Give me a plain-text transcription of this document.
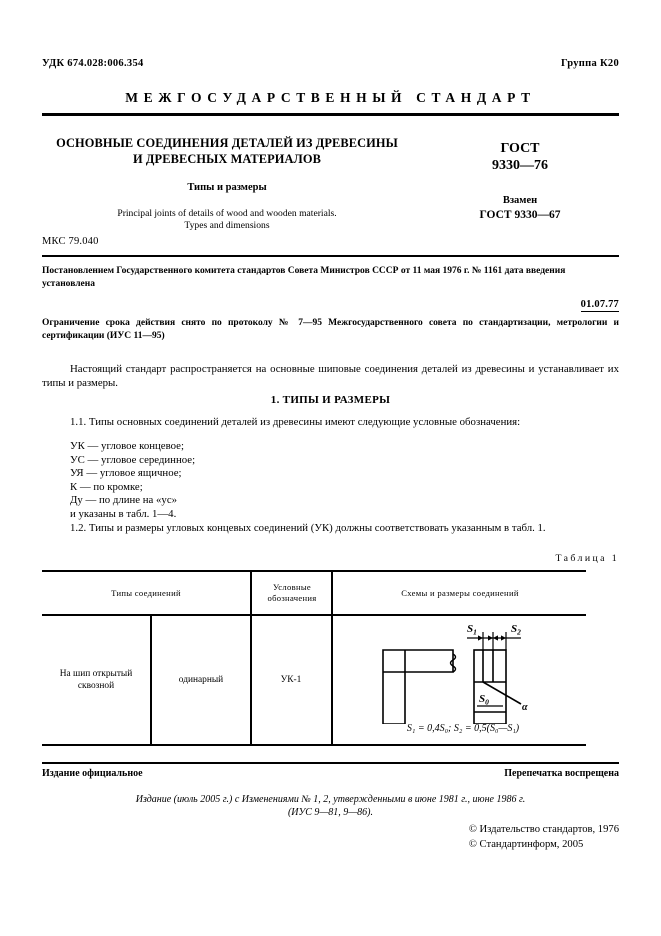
УДК 674.028:006.354	Группа К20
МЕЖГОСУДАРСТВЕННЫЙ СТАНДАРТ
ОСНОВНЫЕ СОЕДИНЕНИЯ ДЕТАЛЕЙ ИЗ ДРЕВЕСИНЫ
И ДРЕВЕСНЫХ МАТЕРИАЛОВ
Типы и размеры
Principal joints of details of wood and wooden materials.
Types and dimensions
ГОСТ
9330—76
Взамен
ГОСТ 9330—67
МКС 79.040
Постановлением Государственного комитета стандартов Совета Министров СССР от 11 мая 1976 г. № 1161 дата введения установлена
01.07.77
Ограничение срока действия снято по протоколу № 7—95 Межгосударственного совета по стандартизации, метрологии и сертификации (ИУС 11—95)
Настоящий стандарт распространяется на основные шиповые соединения деталей из древесины и устанавливает их типы и размеры.
1. ТИПЫ И РАЗМЕРЫ
1.1. Типы основных соединений деталей из древесины имеют следующие условные обозначения:
УК — угловое концевое;
УС — угловое серединное;
УЯ — угловое ящичное;
К — по кромке;
Ду — по длине на «ус»
и указаны в табл. 1—4.
1.2. Типы и размеры угловых концевых соединений (УК) должны соответствовать указанным в табл. 1.
Таблица 1
Типы соединений
Условные
обозначения
Схемы и размеры соединений
На шип открытый
сквозной
одинарный	УК-1
$S_1$	$S_2$
$S_0$	α
S₁ = 0,4S₀; S₂ = 0,5(S₀—S₁)
Издание официальное	Перепечатка воспрещена
Издание (июль 2005 г.) с Изменениями № 1, 2, утвержденными в июне 1981 г., июне 1986 г.
(ИУС 9—81, 9—86).
© Издательство стандартов, 1976
© Стандартинформ, 2005
